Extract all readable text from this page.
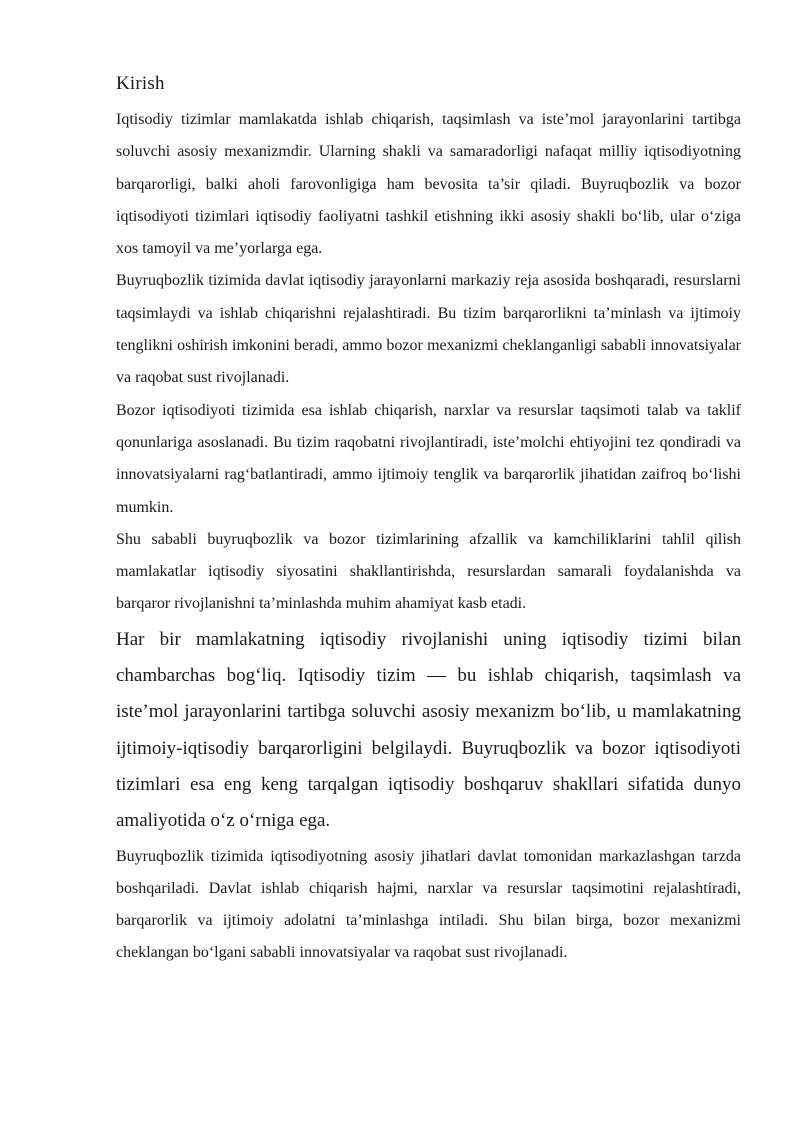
Kirish

Iqtisodiy tizimlar mamlakatda ishlab chiqarish, taqsimlash va iste’mol jarayonlarini tartibga soluvchi asosiy mexanizmdir. Ularning shakli va samaradorligi nafaqat milliy iqtisodiyotning barqarorligi, balki aholi farovonligiga ham bevosita ta’sir qiladi. Buyruqbozlik va bozor iqtisodiyoti tizimlari iqtisodiy faoliyatni tashkil etishning ikki asosiy shakli bo‘lib, ular o‘ziga xos tamoyil va me’yorlarga ega.

Buyruqbozlik tizimida davlat iqtisodiy jarayonlarni markaziy reja asosida boshqaradi, resurslarni taqsimlaydi va ishlab chiqarishni rejalashtiradi. Bu tizim barqarorlikni ta’minlash va ijtimoiy tenglikni oshirish imkonini beradi, ammo bozor mexanizmi cheklanganligi sababli innovatsiyalar va raqobat sust rivojlanadi.

Bozor iqtisodiyoti tizimida esa ishlab chiqarish, narxlar va resurslar taqsimoti talab va taklif qonunlariga asoslanadi. Bu tizim raqobatni rivojlantiradi, iste’molchi ehtiyojini tez qondiradi va innovatsiyalarni rag‘batlantiradi, ammo ijtimoiy tenglik va barqarorlik jihatidan zaifroq bo‘lishi mumkin.

Shu sababli buyruqbozlik va bozor tizimlarining afzallik va kamchiliklarini tahlil qilish mamlakatlar iqtisodiy siyosatini shakllantirishda, resurslardan samarali foydalanishda va barqaror rivojlanishni ta’minlashda muhim ahamiyat kasb etadi.

Har bir mamlakatning iqtisodiy rivojlanishi uning iqtisodiy tizimi bilan chambarchas bog‘liq. Iqtisodiy tizim — bu ishlab chiqarish, taqsimlash va iste’mol jarayonlarini tartibga soluvchi asosiy mexanizm bo‘lib, u mamlakatning ijtimoiy-iqtisodiy barqarorligini belgilaydi. Buyruqbozlik va bozor iqtisodiyoti tizimlari esa eng keng tarqalgan iqtisodiy boshqaruv shakllari sifatida dunyo amaliyotida o‘z o‘rniga ega.

Buyruqbozlik tizimida iqtisodiyotning asosiy jihatlari davlat tomonidan markazlashgan tarzda boshqariladi. Davlat ishlab chiqarish hajmi, narxlar va resurslar taqsimotini rejalashtiradi, barqarorlik va ijtimoiy adolatni ta’minlashga intiladi. Shu bilan birga, bozor mexanizmi cheklangan bo‘lgani sababli innovatsiyalar va raqobat sust rivojlanadi.
